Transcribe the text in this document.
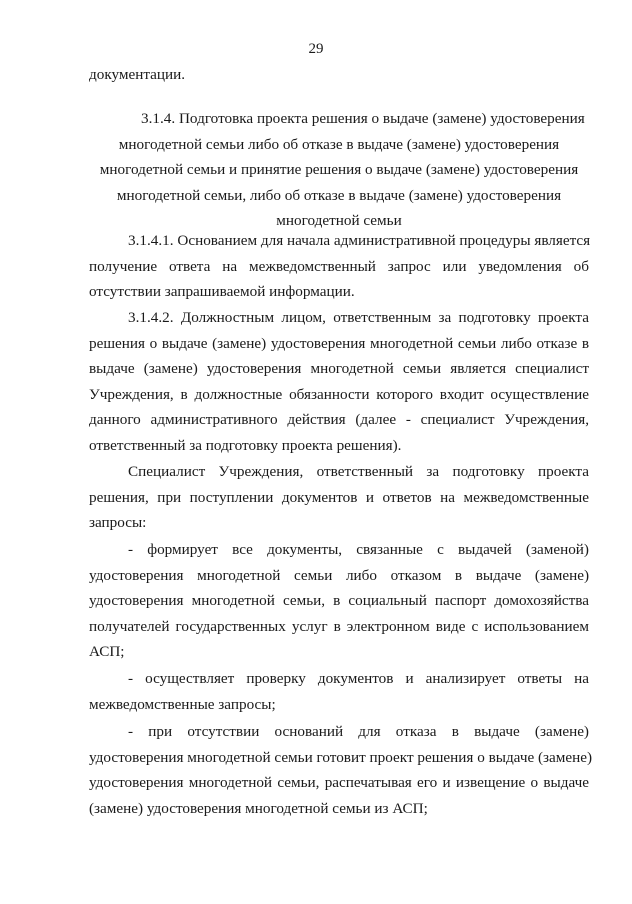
29
документации.
3.1.4. Подготовка проекта решения о выдаче (замене) удостоверения
многодетной семьи либо об отказе в выдаче (замене) удостоверения
многодетной семьи и принятие решения о выдаче (замене) удостоверения
многодетной семьи, либо об отказе в выдаче (замене) удостоверения
многодетной семьи
3.1.4.1. Основанием для начала административной процедуры является
получение ответа на межведомственный запрос или уведомления об
отсутствии запрашиваемой информации.
3.1.4.2. Должностным лицом, ответственным за подготовку проекта
решения о выдаче (замене) удостоверения многодетной семьи либо отказе в
выдаче (замене) удостоверения многодетной семьи является специалист
Учреждения, в должностные обязанности которого входит осуществление
данного административного действия (далее - специалист Учреждения,
ответственный за подготовку проекта решения).
Специалист Учреждения, ответственный за подготовку проекта
решения, при поступлении документов и ответов на межведомственные
запросы:
- формирует все документы, связанные с выдачей (заменой)
удостоверения многодетной семьи либо отказом в выдаче (замене)
удостоверения многодетной семьи, в социальный паспорт домохозяйства
получателей государственных услуг в электронном виде с использованием
АСП;
- осуществляет проверку документов и анализирует ответы на
межведомственные запросы;
- при отсутствии оснований для отказа в выдаче (замене)
удостоверения многодетной семьи готовит проект решения о выдаче (замене)
удостоверения многодетной семьи, распечатывая его и извещение о выдаче
(замене) удостоверения многодетной семьи из АСП;
